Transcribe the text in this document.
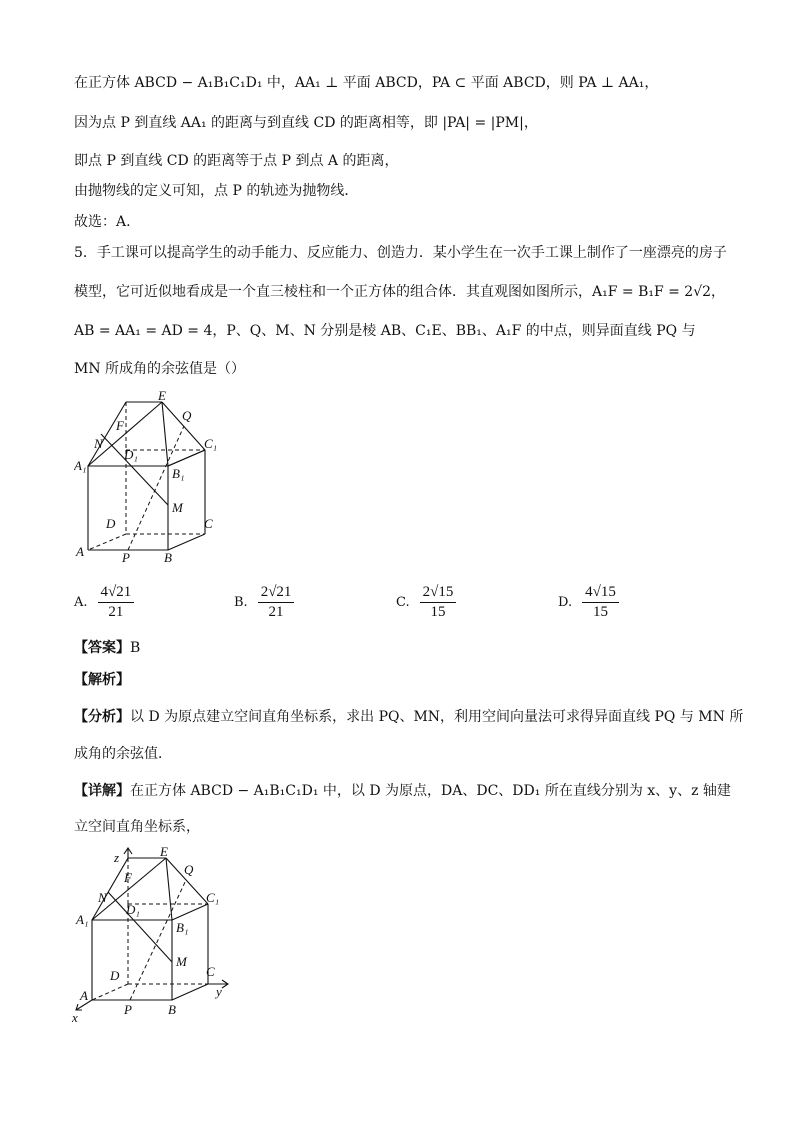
在正方体 ABCD − A₁B₁C₁D₁ 中，AA₁ ⊥ 平面 ABCD，PA ⊂ 平面 ABCD，则 PA ⊥ AA₁，
因为点 P 到直线 AA₁ 的距离与到直线 CD 的距离相等，即 |PA| = |PM|，
即点 P 到直线 CD 的距离等于点 P 到点 A 的距离，
由抛物线的定义可知，点 P 的轨迹为抛物线．
故选：A.
5．手工课可以提高学生的动手能力、反应能力、创造力．某小学生在一次手工课上制作了一座漂亮的房子
模型，它可近似地看成是一个直三棱柱和一个正方体的组合体．其直观图如图所示，A₁F = B₁F = 2√2，
AB = AA₁ = AD = 4，P、Q、M、N 分别是棱 AB、C₁E、BB₁、A₁F 的中点，则异面直线 PQ 与
MN 所成角的余弦值是（）
E
Q
F
C₁
N
D₁
A₁
B₁
M
D	C
A	P	B
A. $\frac{4√21}{21}$	B. $\frac{2√21}{21}$	C. $\frac{2√15}{15}$	D. $\frac{4√15}{15}$
【答案】B
【解析】
【分析】以 D 为原点建立空间直角坐标系，求出 PQ、MN，利用空间向量法可求得异面直线 PQ 与 MN 所
成角的余弦值．
【详解】在正方体 ABCD − A₁B₁C₁D₁ 中，以 D 为原点，DA、DC、DD₁ 所在直线分别为 x、y、z 轴建
立空间直角坐标系，
z	E
Q
F
C₁
N
D₁
A₁
B₁
M
D	C
y
A
P	B
x
